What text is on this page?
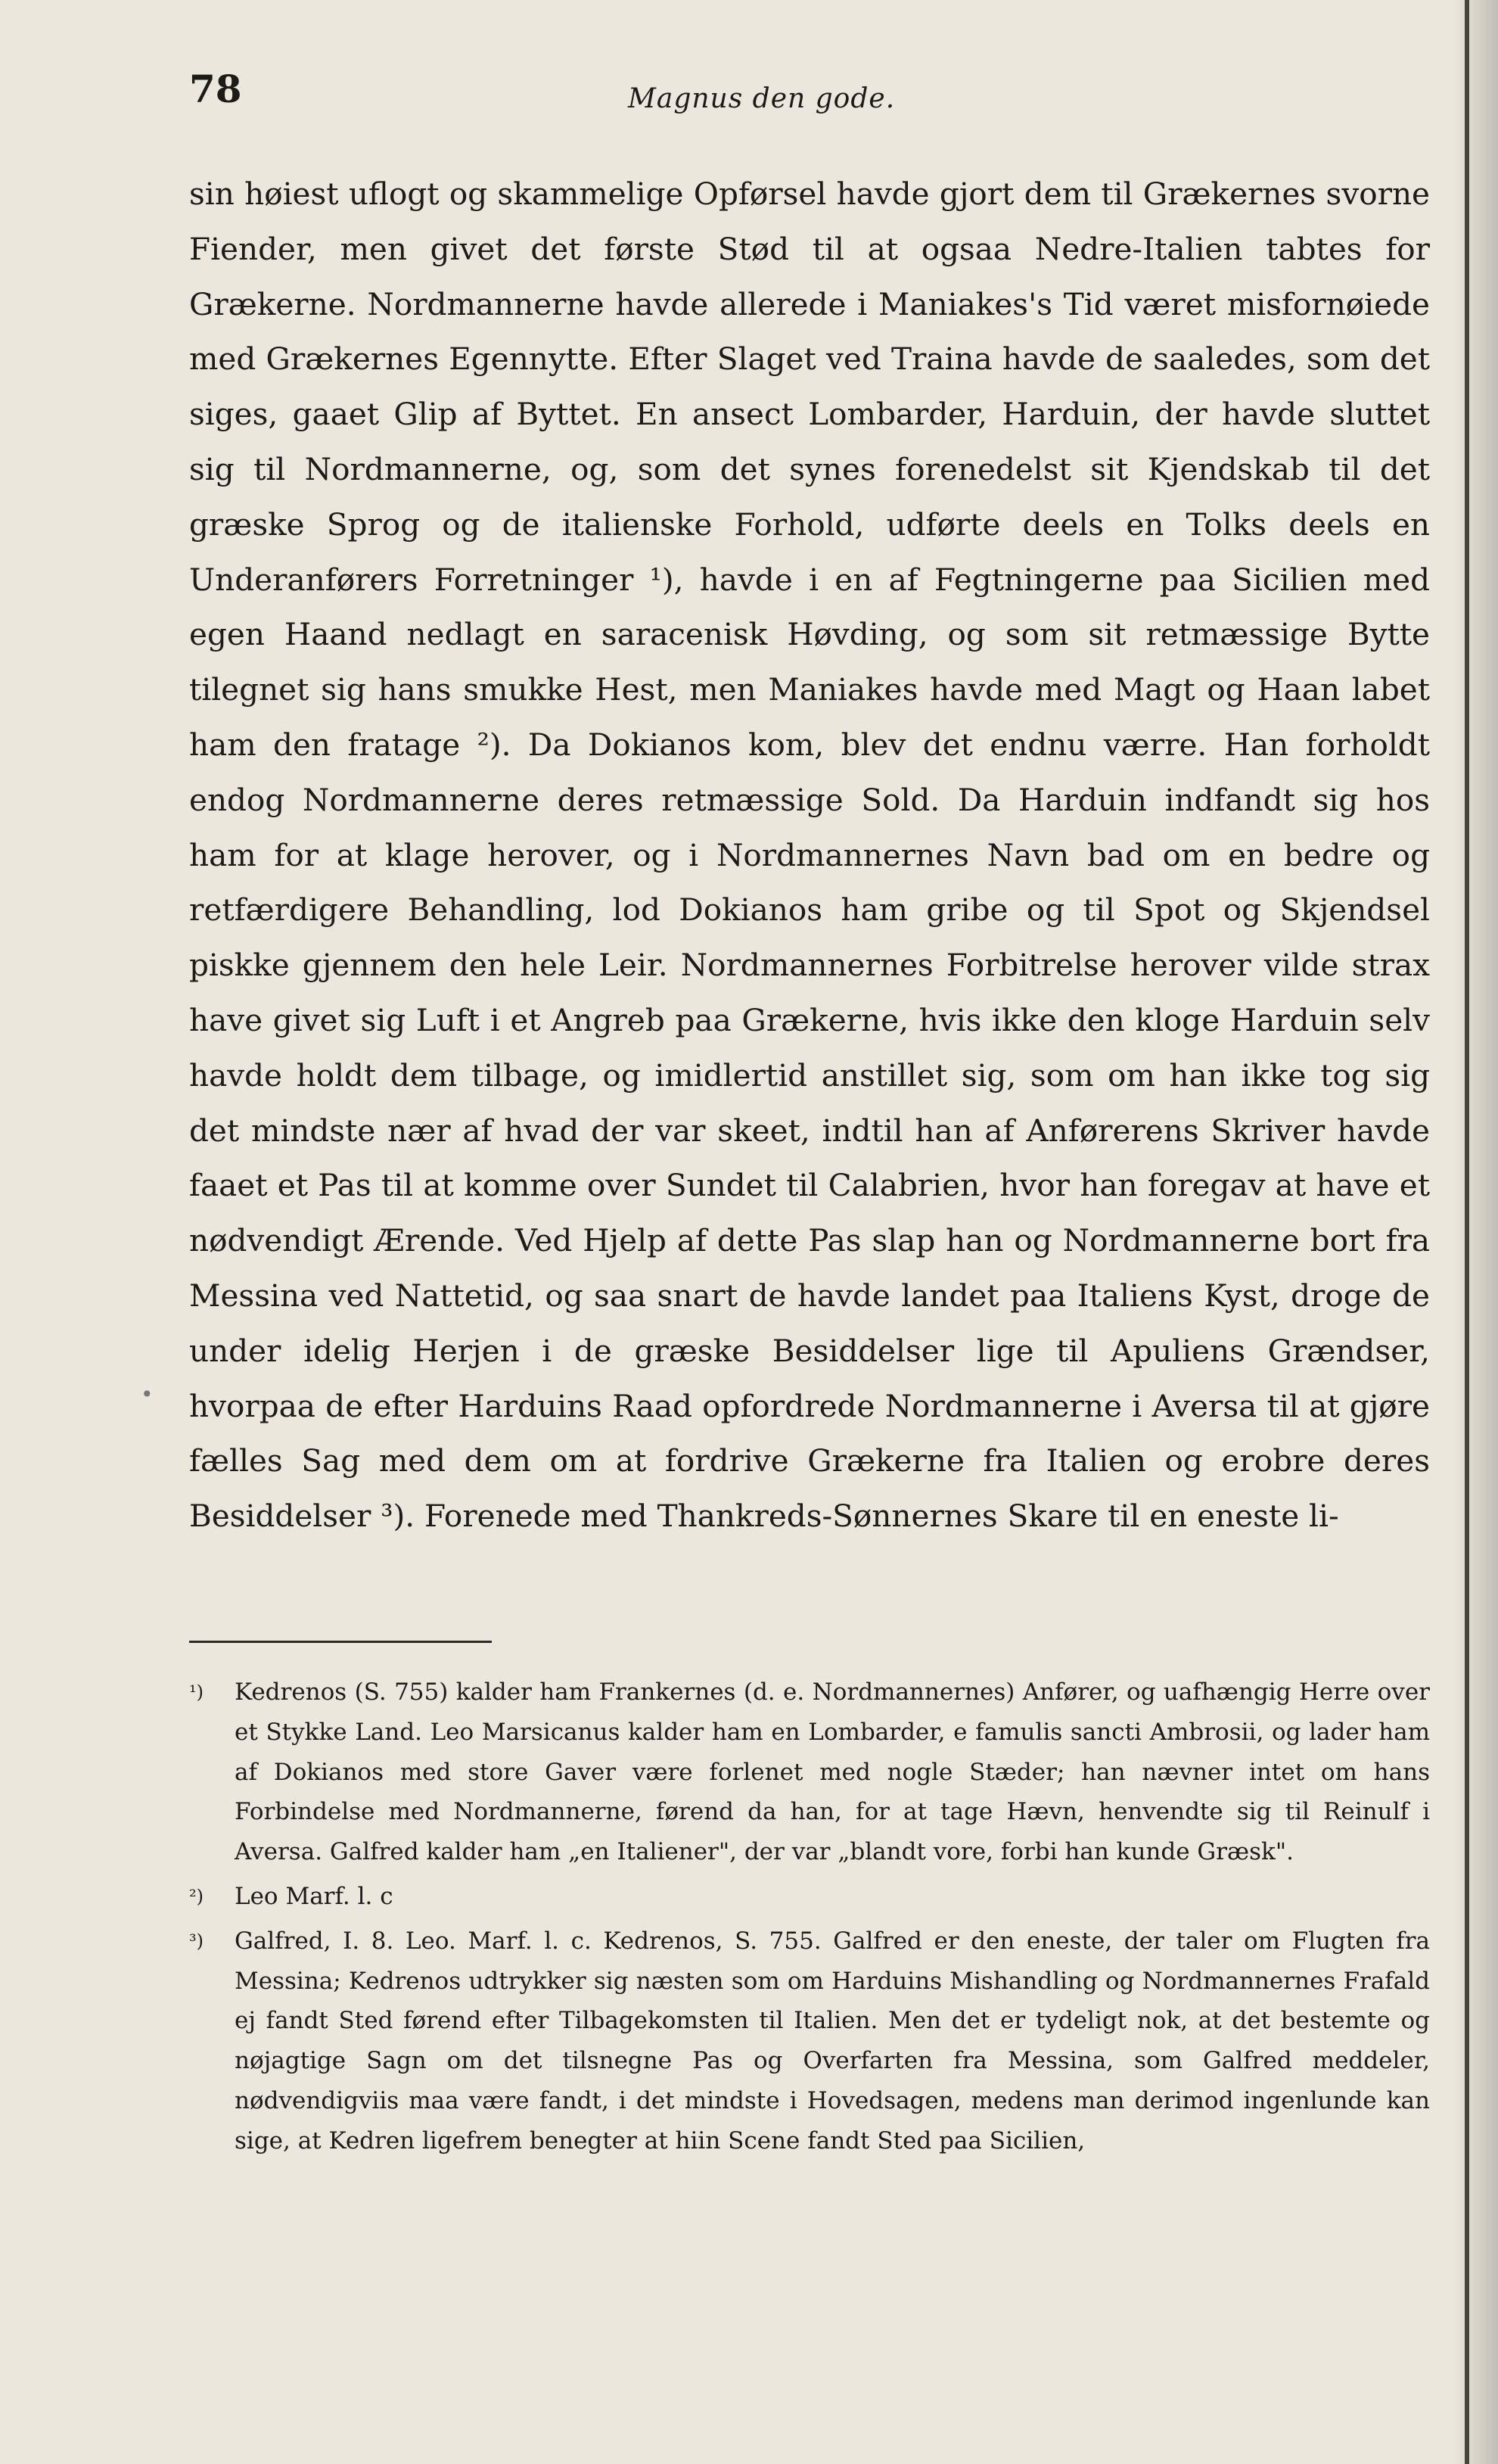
78	Magnus den gode.

sin høiest uflogt og skammelige Opførsel havde gjort dem til Grækernes svorne Fiender, men givet det første Stød til at ogsaa Nedre-Italien tabtes for Grækerne. Nordmannerne havde allerede i Maniakes's Tid været misfornøiede med Grækernes Egennytte. Efter Slaget ved Traina havde de saaledes, som det siges, gaaet Glip af Byttet. En ansect Lombarder, Harduin, der havde sluttet sig til Nordmannerne, og, som det synes forenedelst sit Kjendskab til det græske Sprog og de italienske Forhold, udførte deels en Tolks deels en Underanførers Forretninger ¹), havde i en af Fegtningerne paa Sicilien med egen Haand nedlagt en saracenisk Høvding, og som sit retmæssige Bytte tilegnet sig hans smukke Hest, men Maniakes havde med Magt og Haan labet ham den fratage ²). Da Dokianos kom, blev det endnu værre. Han forholdt endog Nordmannerne deres retmæssige Sold. Da Harduin indfandt sig hos ham for at klage herover, og i Nordmannernes Navn bad om en bedre og retfærdigere Behandling, lod Dokianos ham gribe og til Spot og Skjendsel piskke gjennem den hele Leir. Nordmannernes Forbitrelse herover vilde strax have givet sig Luft i et Angreb paa Grækerne, hvis ikke den kloge Harduin selv havde holdt dem tilbage, og imidlertid anstillet sig, som om han ikke tog sig det mindste nær af hvad der var skeet, indtil han af Anførerens Skriver havde faaet et Pas til at komme over Sundet til Calabrien, hvor han foregav at have et nødvendigt Ærende. Ved Hjelp af dette Pas slap han og Nordmannerne bort fra Messina ved Nattetid, og saa snart de havde landet paa Italiens Kyst, droge de under idelig Herjen i de græske Besiddelser lige til Apuliens Grændser, hvorpaa de efter Harduins Raad opfordrede Nordmannerne i Aversa til at gjøre fælles Sag med dem om at fordrive Grækerne fra Italien og erobre deres Besiddelser ³). Forenede med Thankreds-Sønnernes Skare til en eneste li-

•

¹) Kedrenos (S. 755) kalder ham Frankernes (d. e. Nordmannernes) Anfører, og uafhængig Herre over et Stykke Land. Leo Marsicanus kalder ham en Lombarder, e famulis sancti Ambrosii, og lader ham af Dokianos med store Gaver være forlenet med nogle Stæder; han nævner intet om hans Forbindelse med Nordmannerne, førend da han, for at tage Hævn, henvendte sig til Reinulf i Aversa. Galfred kalder ham „en Italiener", der var „blandt vore, forbi han kunde Græsk".

²) Leo Marf. l. c

³) Galfred, I. 8. Leo. Marf. l. c. Kedrenos, S. 755. Galfred er den eneste, der taler om Flugten fra Messina; Kedrenos udtrykker sig næsten som om Harduins Mishandling og Nordmannernes Frafald ej fandt Sted førend efter Tilbagekomsten til Italien. Men det er tydeligt nok, at det bestemte og nøjagtige Sagn om det tilsnegne Pas og Overfarten fra Messina, som Galfred meddeler, nødvendigviis maa være fandt, i det mindste i Hovedsagen, medens man derimod ingenlunde kan sige, at Kedren ligefrem benegter at hiin Scene fandt Sted paa Sicilien,
